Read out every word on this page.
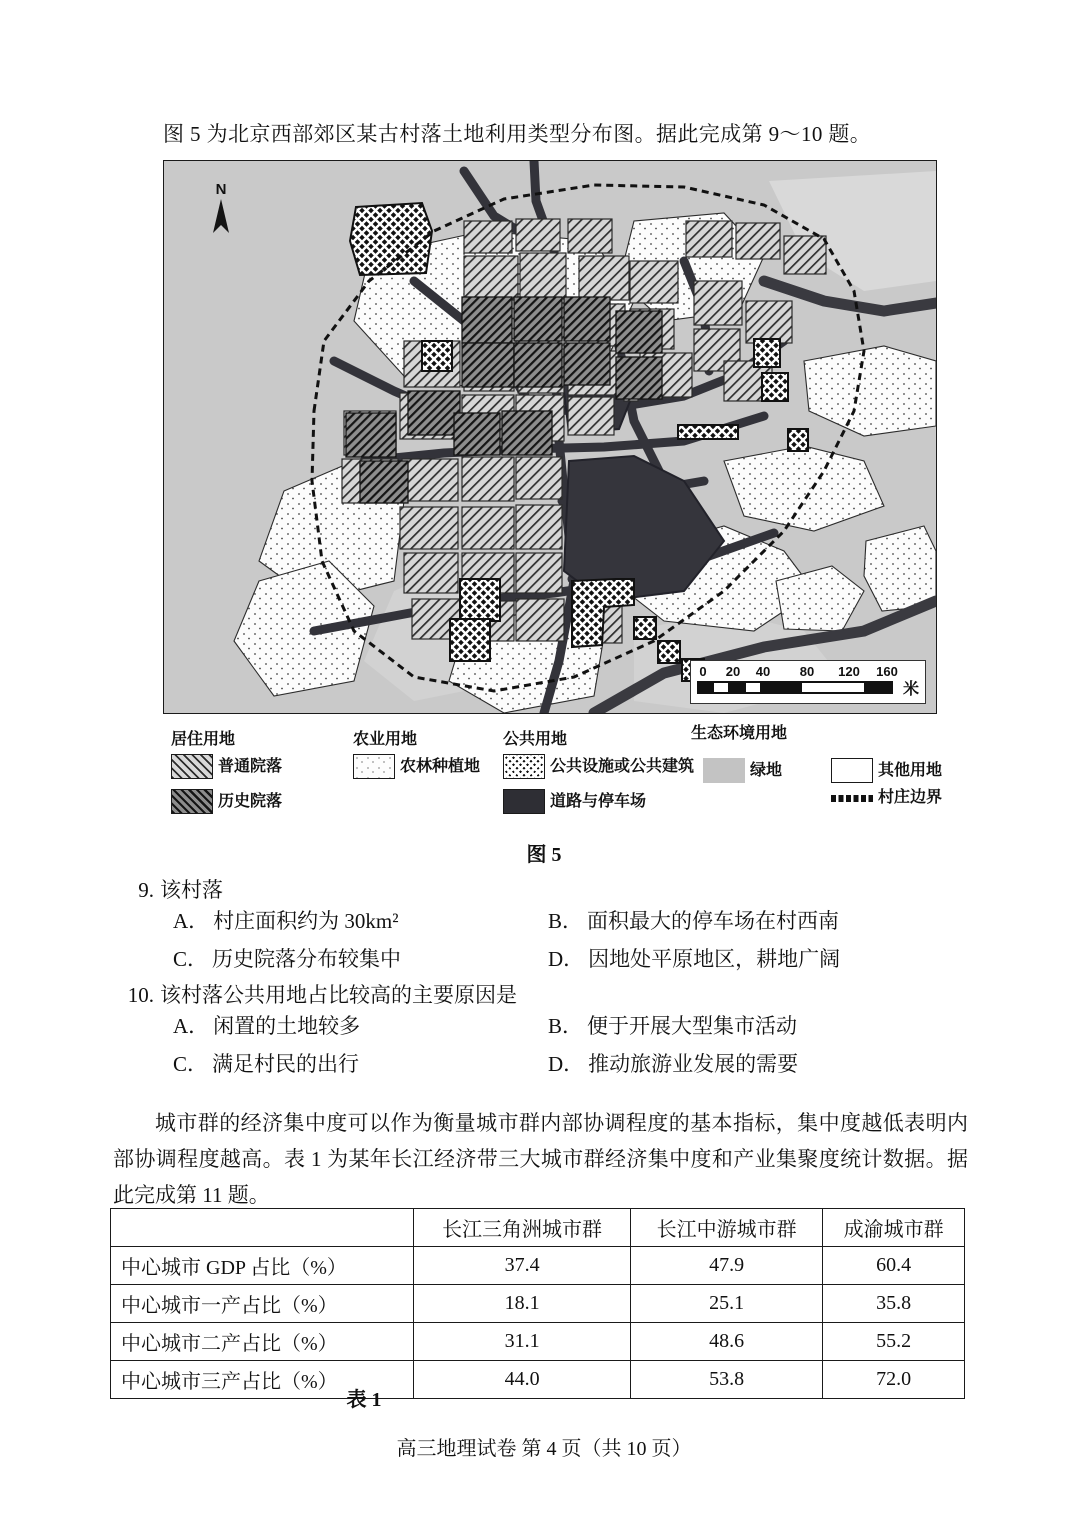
图 5 为北京西部郊区某古村落土地利用类型分布图。据此完成第 9～10 题。
N
0 20 40 80 120 160
米
居住用地	农业用地	公共用地	生态环境用地
普通院落
历史院落
农林种植地	公共设施或公共建筑
道路与停车场
绿地	其他用地
村庄边界
图 5
9. 该村落
A． 村庄面积约为 30km²	B． 面积最大的停车场在村西南
C． 历史院落分布较集中	D． 因地处平原地区，耕地广阔
10. 该村落公共用地占比较高的主要原因是
A． 闲置的土地较多	B． 便于开展大型集市活动
C． 满足村民的出行	D． 推动旅游业发展的需要
城市群的经济集中度可以作为衡量城市群内部协调程度的基本指标，集中度越低表明内部协调程度越高。表 1 为某年长江经济带三大城市群经济集中度和产业集聚度统计数据。据此完成第 11 题。
	长江三角洲城市群	长江中游城市群	成渝城市群
中心城市 GDP 占比（%）	37.4	47.9	60.4
中心城市一产占比（%）	18.1	25.1	35.8
中心城市二产占比（%）	31.1	48.6	55.2
中心城市三产占比（%）	44.0	53.8	72.0
表 1
高三地理试卷 第 4 页（共 10 页）
